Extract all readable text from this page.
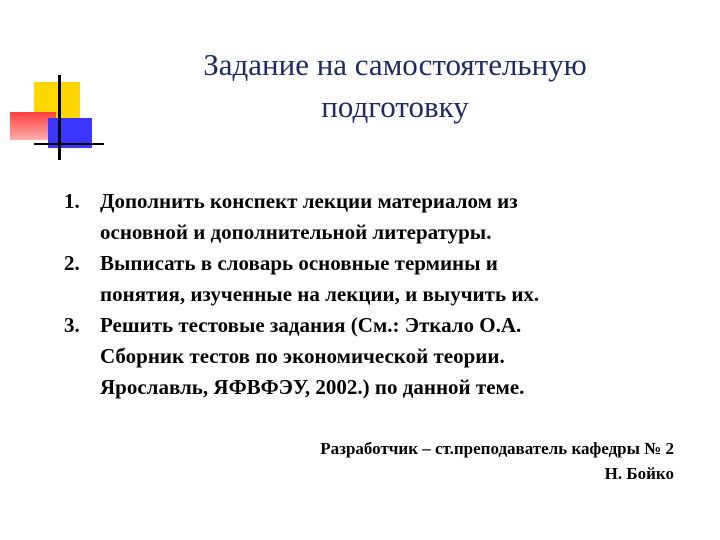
Задание на самостоятельную
подготовку
1. Дополнить конспект лекции материалом из
основной и дополнительной литературы.
2. Выписать в словарь основные термины и
понятия, изученные на лекции, и выучить их.
3. Решить тестовые задания (См.: Эткало О.А.
Сборник тестов по экономической теории.
Ярославль, ЯФВФЭУ, 2002.) по данной теме.
Разработчик – ст.преподаватель кафедры № 2
Н. Бойко
